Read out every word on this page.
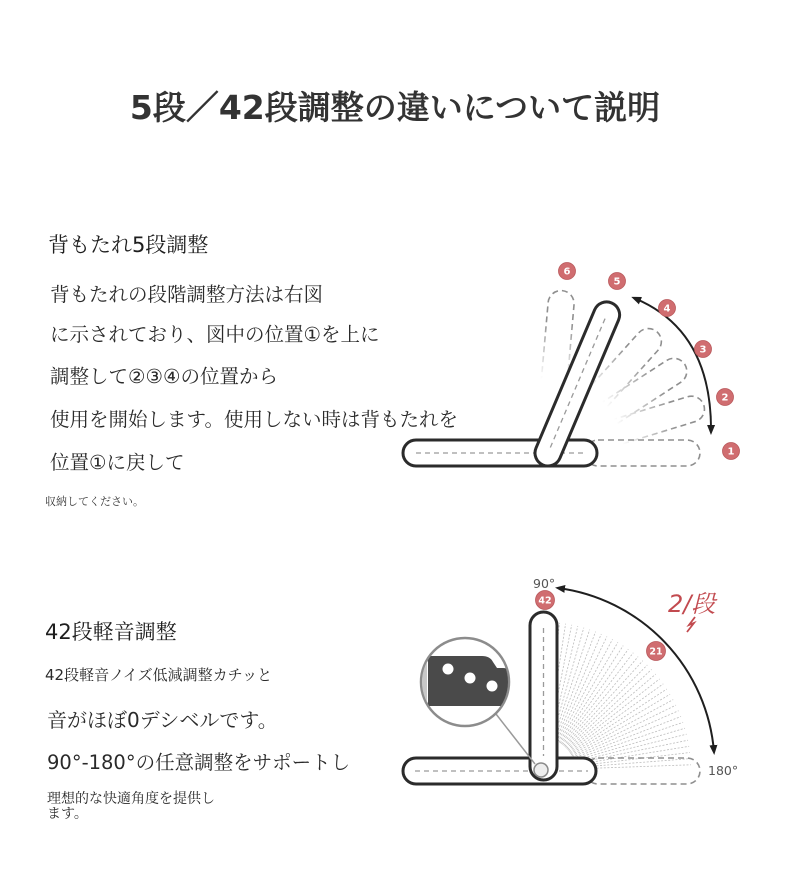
5段／42段調整の違いについて説明
背もたれ5段調整
背もたれの段階調整方法は右図
に示されており、図中の位置①を上に
調整して②③④の位置から
使用を開始します。使用しない時は背もたれを
位置①に戻して
収納してください。
6
5
4
3
2
1
42段軽音調整
42段軽音ノイズ低減調整カチッと
音がほぼ0デシベルです。
90°-180°の任意調整をサポートし
理想的な快適角度を提供し
ます。
90°
180°
42
21
2/段
